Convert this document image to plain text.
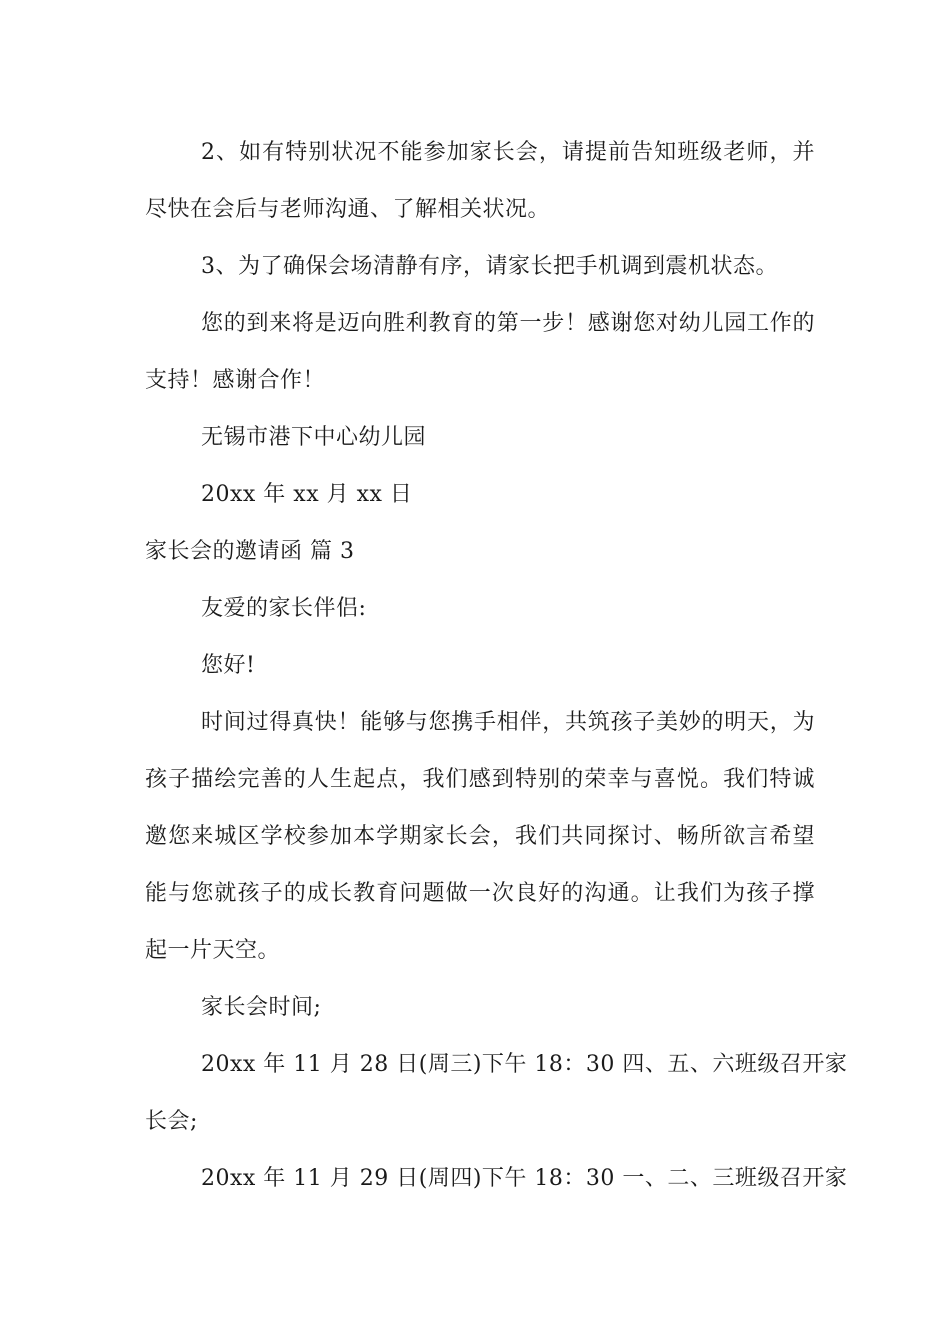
2、如有特别状况不能参加家长会，请提前告知班级老师，并
尽快在会后与老师沟通、了解相关状况。
3、为了确保会场清静有序，请家长把手机调到震机状态。
您的到来将是迈向胜利教育的第一步！感谢您对幼儿园工作的
支持！感谢合作！
无锡市港下中心幼儿园
20xx 年 xx 月 xx 日
家长会的邀请函 篇 3
友爱的家长伴侣:
您好!
时间过得真快！能够与您携手相伴，共筑孩子美妙的明天，为
孩子描绘完善的人生起点，我们感到特别的荣幸与喜悦。我们特诚
邀您来城区学校参加本学期家长会，我们共同探讨、畅所欲言希望
能与您就孩子的成长教育问题做一次良好的沟通。让我们为孩子撑
起一片天空。
家长会时间;
20xx 年 11 月 28 日(周三)下午 18：30 四、五、六班级召开家
长会;
20xx 年 11 月 29 日(周四)下午 18：30 一、二、三班级召开家
